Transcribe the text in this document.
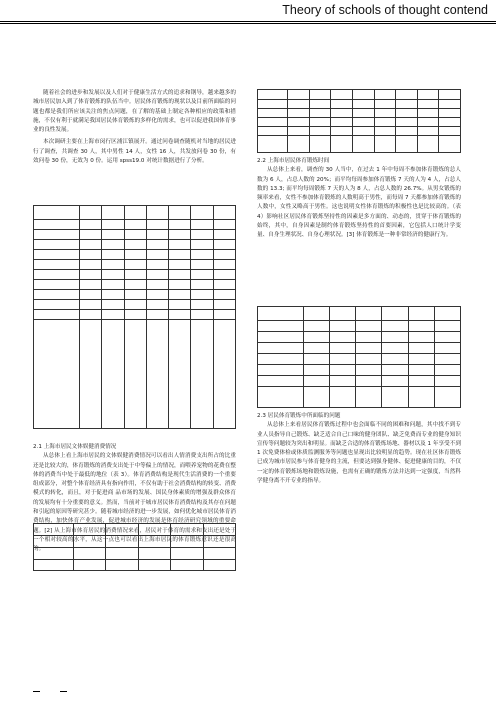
Theory of schools of thought contend

随着社会的进步和发展以及人们对于健康生活方式的追求和钢导，越来越多的城市居民加入到了体育锻炼的队伍当中。居民体育锻炼的现状以及目前所面临的问题也都是我们所应该关注的焦点问题，在了解的基础上制定各种相应的政策和措施，不仅有利于就满足我国居民体育锻炼的多样化的需求，也可以促进我国体育事业的良性发展。

本次调研主要在上海市闵行区浦江镇展开。通过问卷调查随机对当地的居民进行了调查，共调查 30 人，其中男性 14 人，女性 16 人，共发放问卷 30 份，有效问卷 30 份，无效为 0 份。运用 spss19.0 对统计数据进行了分析。

2.1 上海市居民文体娱健消费情况

从总体上看上海市居民的文体娱健消费情况可以看出人情消费支出所占的比重还是比较大的，体育锻炼的消费支出处于中等偏上的情况，而喂养宠物的花费在整体的消费当中处于最低的地位（表 3）。体育消费结构是现代生活消费的一个重要组成部分，对整个体育经济具有指向作用，不仅有助于社会消费结构的转变、消费模式的转化，而且，对于促进商 品市场的发展、国民身体素质的增强及群众体育的发展均有十分重要的意义。然而，当前对于城市居民体育消费结构及其存在问题和引起的原因等研究甚少。随着城市经济的进一步发展，如何优化城市居民体育消费结构，加快体育产业发展，促进城市经济的发展是体育经济研究领域的重要命题。[2] 从上海市体育居民的消费情况来看，居民对于体育的需求和支出还是处于一个相对较高的水平，从这一点也可以看出上海市居民的体育锻炼意识还是很高的。

2.2 上海市居民体育锻炼时间

从总体上来看，调查的 30 人当中，在过去 1 年中每周不参加体育锻炼的总人数为 6 人，占总人数的 20%；而平均每周参加体育锻炼 7 天的人为 4 人，占总人数的 13.3; 而平均每周锻炼 7 天的人为 8 人，占总人数的 26.7%。从男女锻炼的频率来看，女性不参加体育锻炼的人数明高于男性，而每周 7 天都参加体育锻炼的人数中，女性又略高于男性。这也说明女性体育锻炼的积极性也是比较高的。（表 4）影响社区居民体育锻炼坚持性的因素是多方面的、动态的，贯穿于体育锻炼的始终，其中，自身因素是制约体育锻炼坚持性的首要因素，它包括人口统计学变量、自身生理状况、自身心理状况。[3] 体育锻炼是一种非常经济的健康行为。

2.3 居民体育锻炼中所面临的问题

从总体上来看居民体育锻炼过程中也会面临不同的困难和问题，其中找不到专业人员指导自己锻炼、缺乏适合自己口味的健身团队、缺乏免费而专业的健身知识宣传等问题较为突出和明显。而缺乏合适的体育锻炼场地、器材以及 1 年享受不到 1 次免费体检或体质监测服务等问题也显现出比较明显的趋势。现在社区体育锻炼已成为城市居民参与体育健身的主流，但要达到强身健体、促进健康的目的，不仅一定的体育锻炼场地和锻炼设施，也需有正确的锻炼方法并达到一定强度，当然科学健身离不开专业的指导。
